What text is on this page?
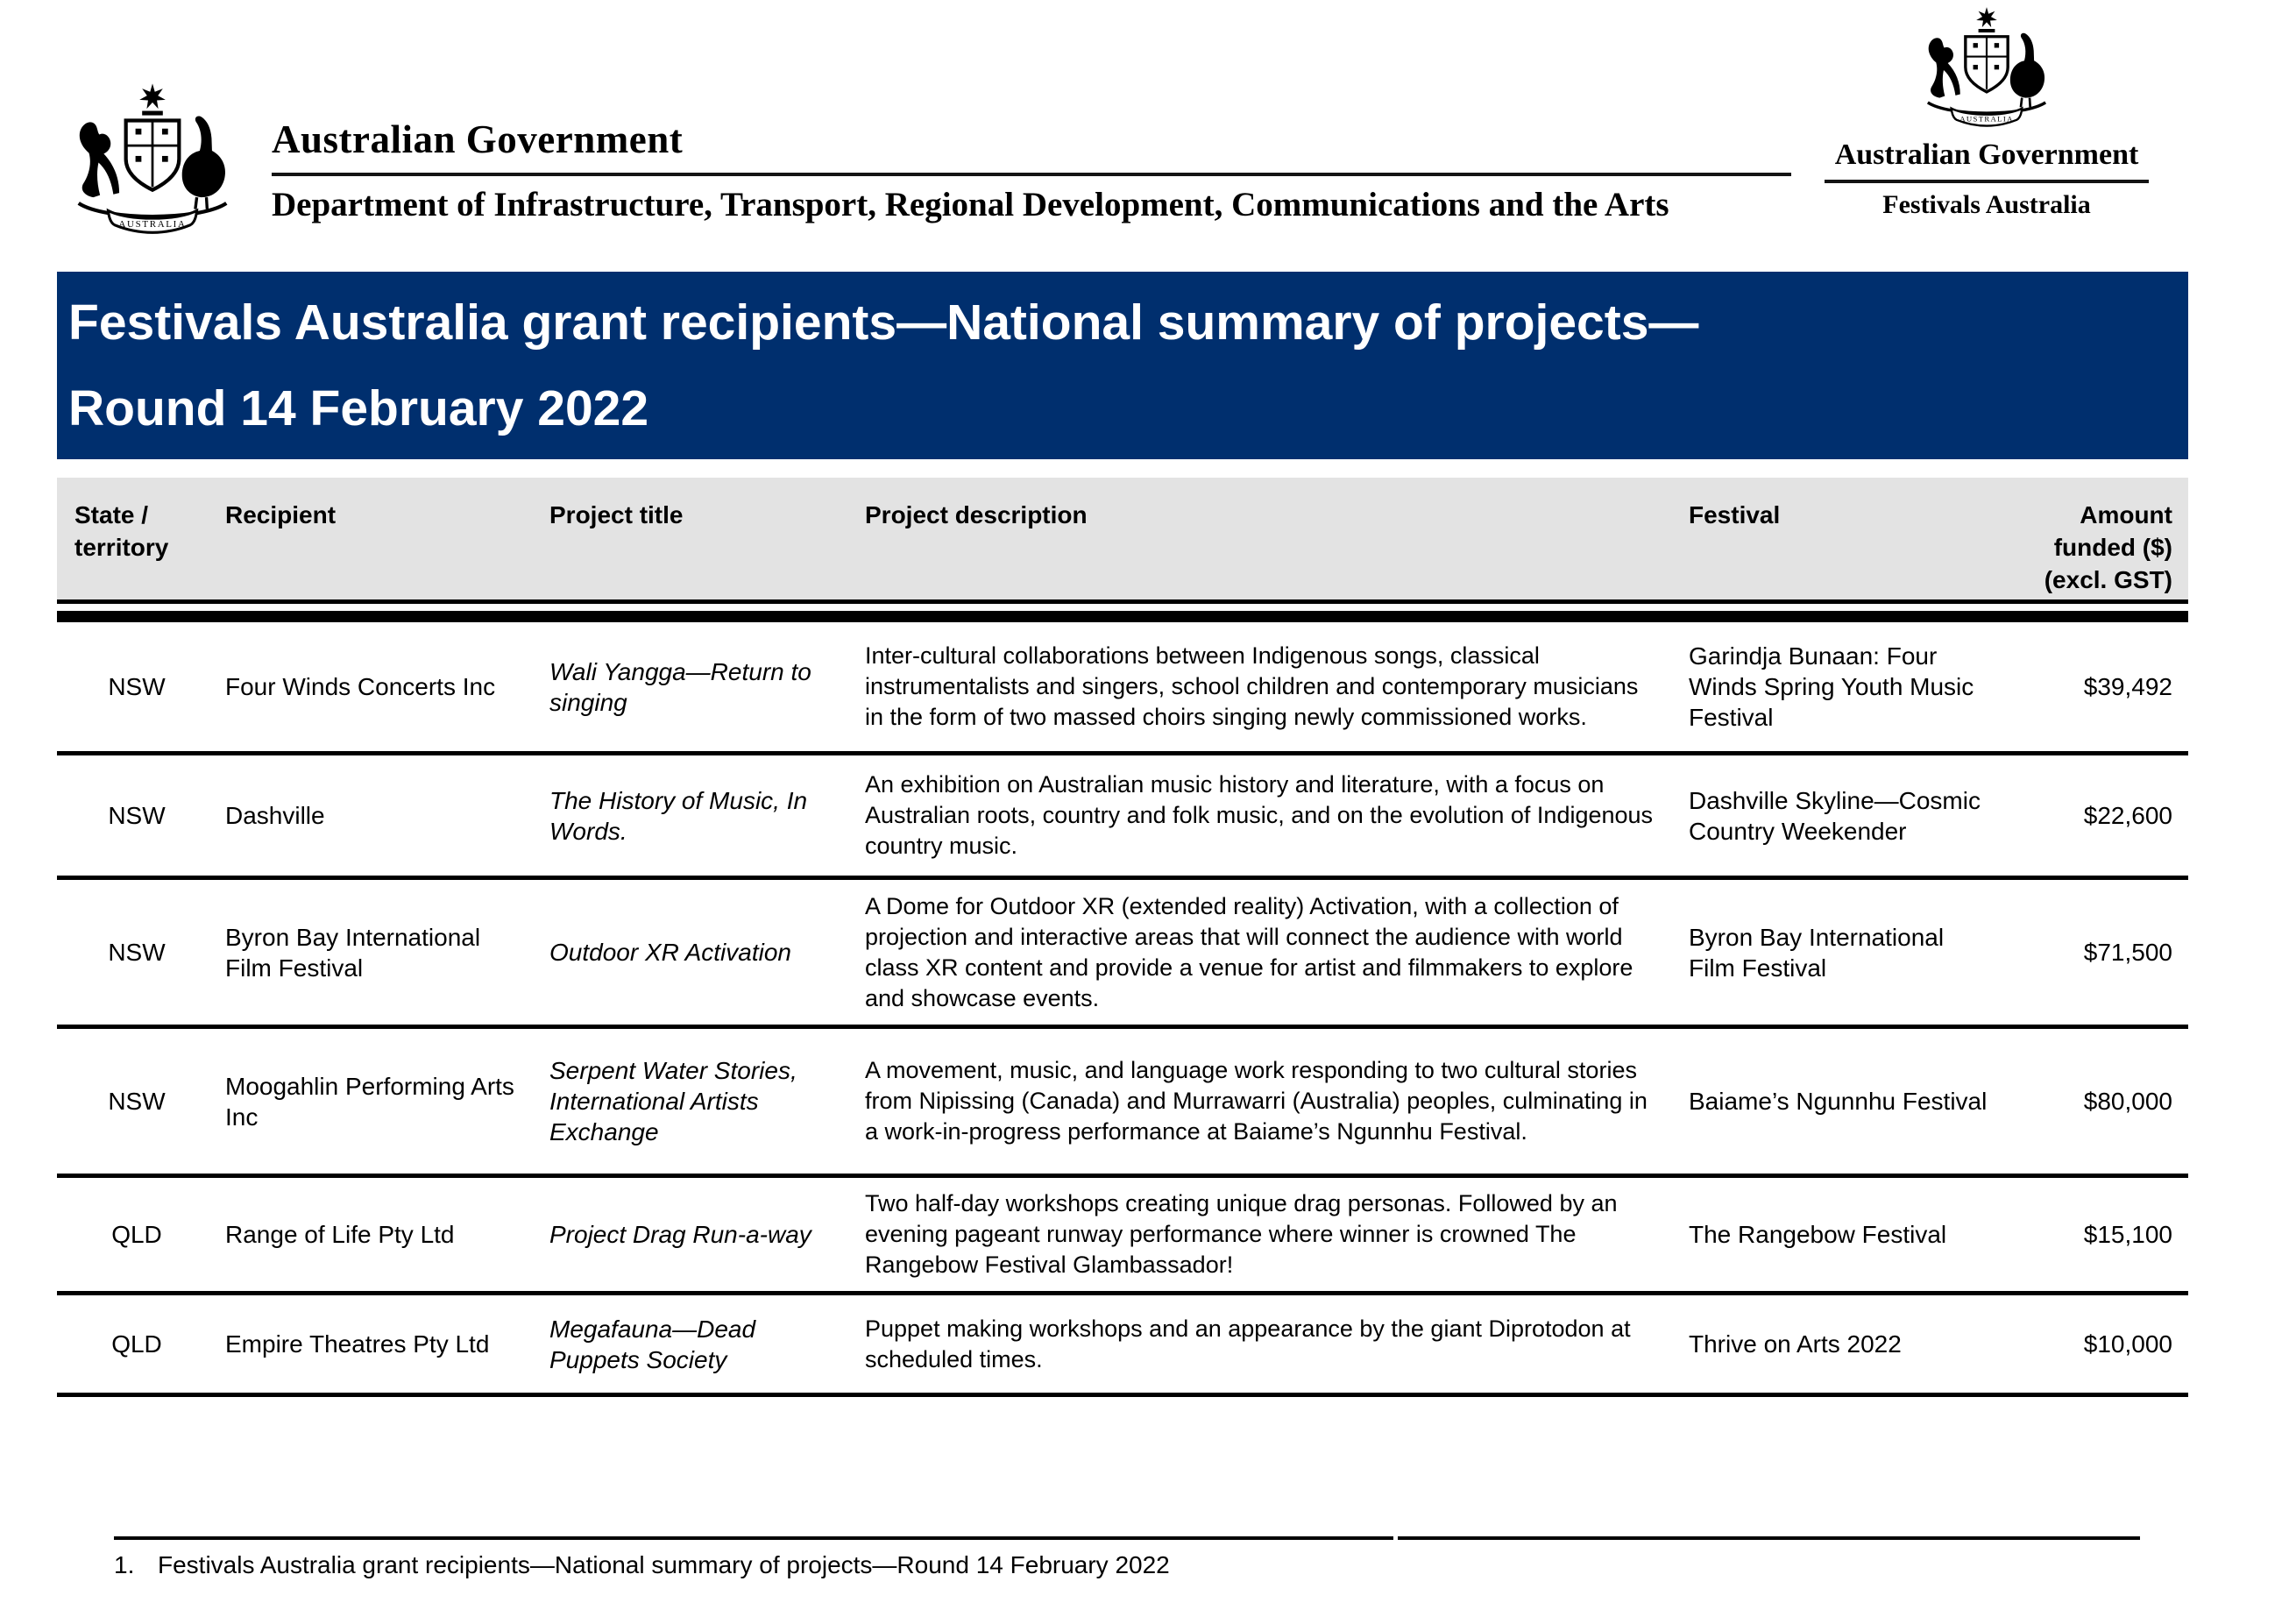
Australian Government
Department of Infrastructure, Transport, Regional Development, Communications and the Arts
Australian Government
Festivals Australia
Festivals Australia grant recipients—National summary of projects—
Round 14 February 2022
State / territory	Recipient	Project title	Project description	Festival	Amount funded ($) (excl. GST)

NSW	Four Winds Concerts Inc	Wali Yangga—Return to singing	Inter-cultural collaborations between Indigenous songs, classical instrumentalists and singers, school children and contemporary musicians in the form of two massed choirs singing newly commissioned works.	Garindja Bunaan: Four Winds Spring Youth Music Festival	$39,492
NSW	Dashville	The History of Music, In Words.	An exhibition on Australian music history and literature, with a focus on Australian roots, country and folk music, and on the evolution of Indigenous country music.	Dashville Skyline—Cosmic Country Weekender	$22,600
NSW	Byron Bay International Film Festival	Outdoor XR Activation	A Dome for Outdoor XR (extended reality) Activation, with a collection of projection and interactive areas that will connect the audience with world class XR content and provide a venue for artist and filmmakers to explore and showcase events.	Byron Bay International Film Festival	$71,500
NSW	Moogahlin Performing Arts Inc	Serpent Water Stories, International Artists Exchange	A movement, music, and language work responding to two cultural stories from Nipissing (Canada) and Murrawarri (Australia) peoples, culminating in a work-in-progress performance at Baiame’s Ngunnhu Festival.	Baiame’s Ngunnhu Festival	$80,000
QLD	Range of Life Pty Ltd	Project Drag Run-a-way	Two half-day workshops creating unique drag personas. Followed by an evening pageant runway performance where winner is crowned The Rangebow Festival Glambassador!	The Rangebow Festival	$15,100
QLD	Empire Theatres Pty Ltd	Megafauna—Dead Puppets Society	Puppet making workshops and an appearance by the giant Diprotodon at scheduled times.	Thrive on Arts 2022	$10,000
1. Festivals Australia grant recipients—National summary of projects—Round 14 February 2022
